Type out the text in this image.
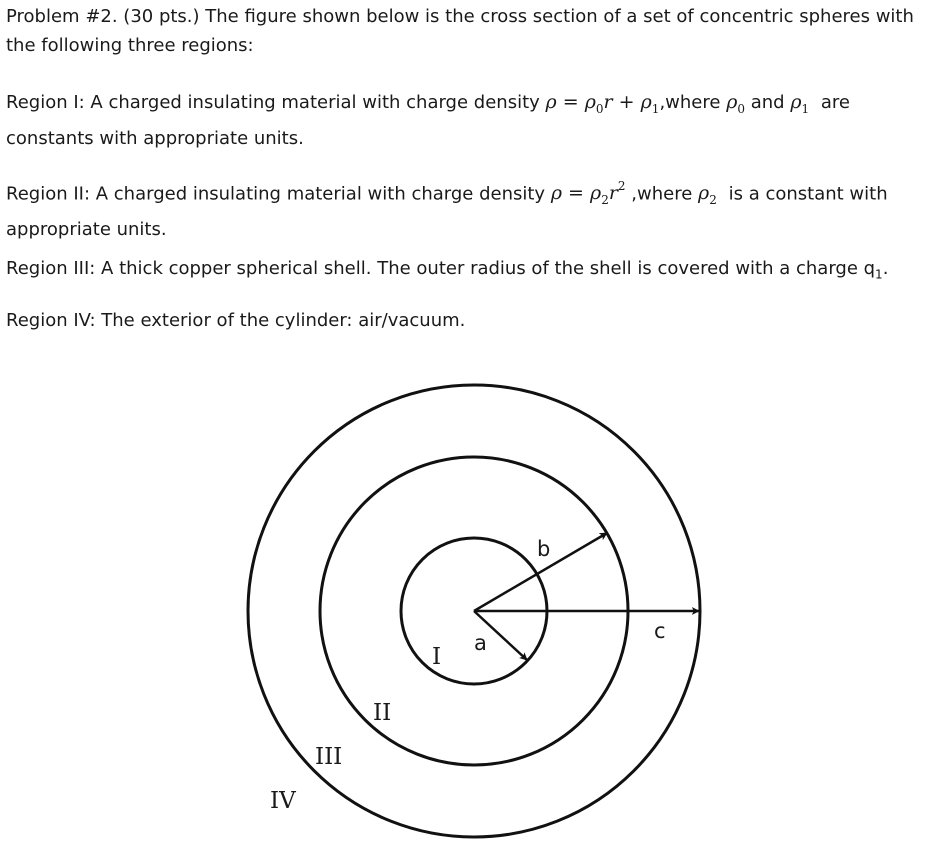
Problem #2. (30 pts.) The figure shown below is the cross section of a set of concentric spheres with the following three regions:

Region I: A charged insulating material with charge density $\rho = \rho_0r$ + $\rho_1,where$ $\rho_0$ and $\rho_1$ are constants with appropriate units.

Region II: A charged insulating material with charge density $\rho = \rho_2r^2$ ,where $\rho_2$ is a constant with appropriate units.

Region III: A thick copper spherical shell. The outer radius of the shell is covered with a charge $q_1$.

Region IV: The exterior of the cylinder: air/vacuum.

a
b
c
I
II
III
IV
